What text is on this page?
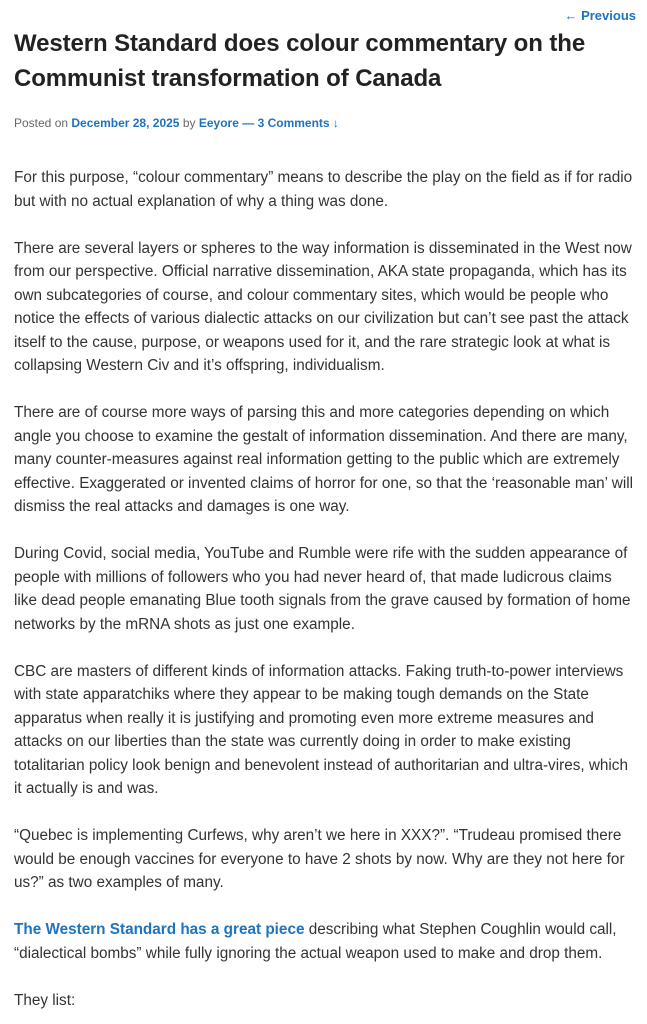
← Previous
Western Standard does colour commentary on the Communist transformation of Canada
Posted on December 28, 2025 by Eeyore — 3 Comments ↓

For this purpose, “colour commentary” means to describe the play on the field as if for radio but with no actual explanation of why a thing was done.

There are several layers or spheres to the way information is disseminated in the West now from our perspective. Official narrative dissemination, AKA state propaganda, which has its own subcategories of course, and colour commentary sites, which would be people who notice the effects of various dialectic attacks on our civilization but can’t see past the attack itself to the cause, purpose, or weapons used for it, and the rare strategic look at what is collapsing Western Civ and it’s offspring, individualism.

There are of course more ways of parsing this and more categories depending on which angle you choose to examine the gestalt of information dissemination. And there are many, many counter-measures against real information getting to the public which are extremely effective. Exaggerated or invented claims of horror for one, so that the ‘reasonable man’ will dismiss the real attacks and damages is one way.

During Covid, social media, YouTube and Rumble were rife with the sudden appearance of people with millions of followers who you had never heard of, that made ludicrous claims like dead people emanating Blue tooth signals from the grave caused by formation of home networks by the mRNA shots as just one example.

CBC are masters of different kinds of information attacks. Faking truth-to-power interviews with state apparatchiks where they appear to be making tough demands on the State apparatus when really it is justifying and promoting even more extreme measures and attacks on our liberties than the state was currently doing in order to make existing totalitarian policy look benign and benevolent instead of authoritarian and ultra-vires, which it actually is and was.

“Quebec is implementing Curfews, why aren’t we here in XXX?”. “Trudeau promised there would be enough vaccines for everyone to have 2 shots by now. Why are they not here for us?” as two examples of many.

The Western Standard has a great piece describing what Stephen Coughlin would call, “dialectical bombs” while fully ignoring the actual weapon used to make and drop them.

They list:
